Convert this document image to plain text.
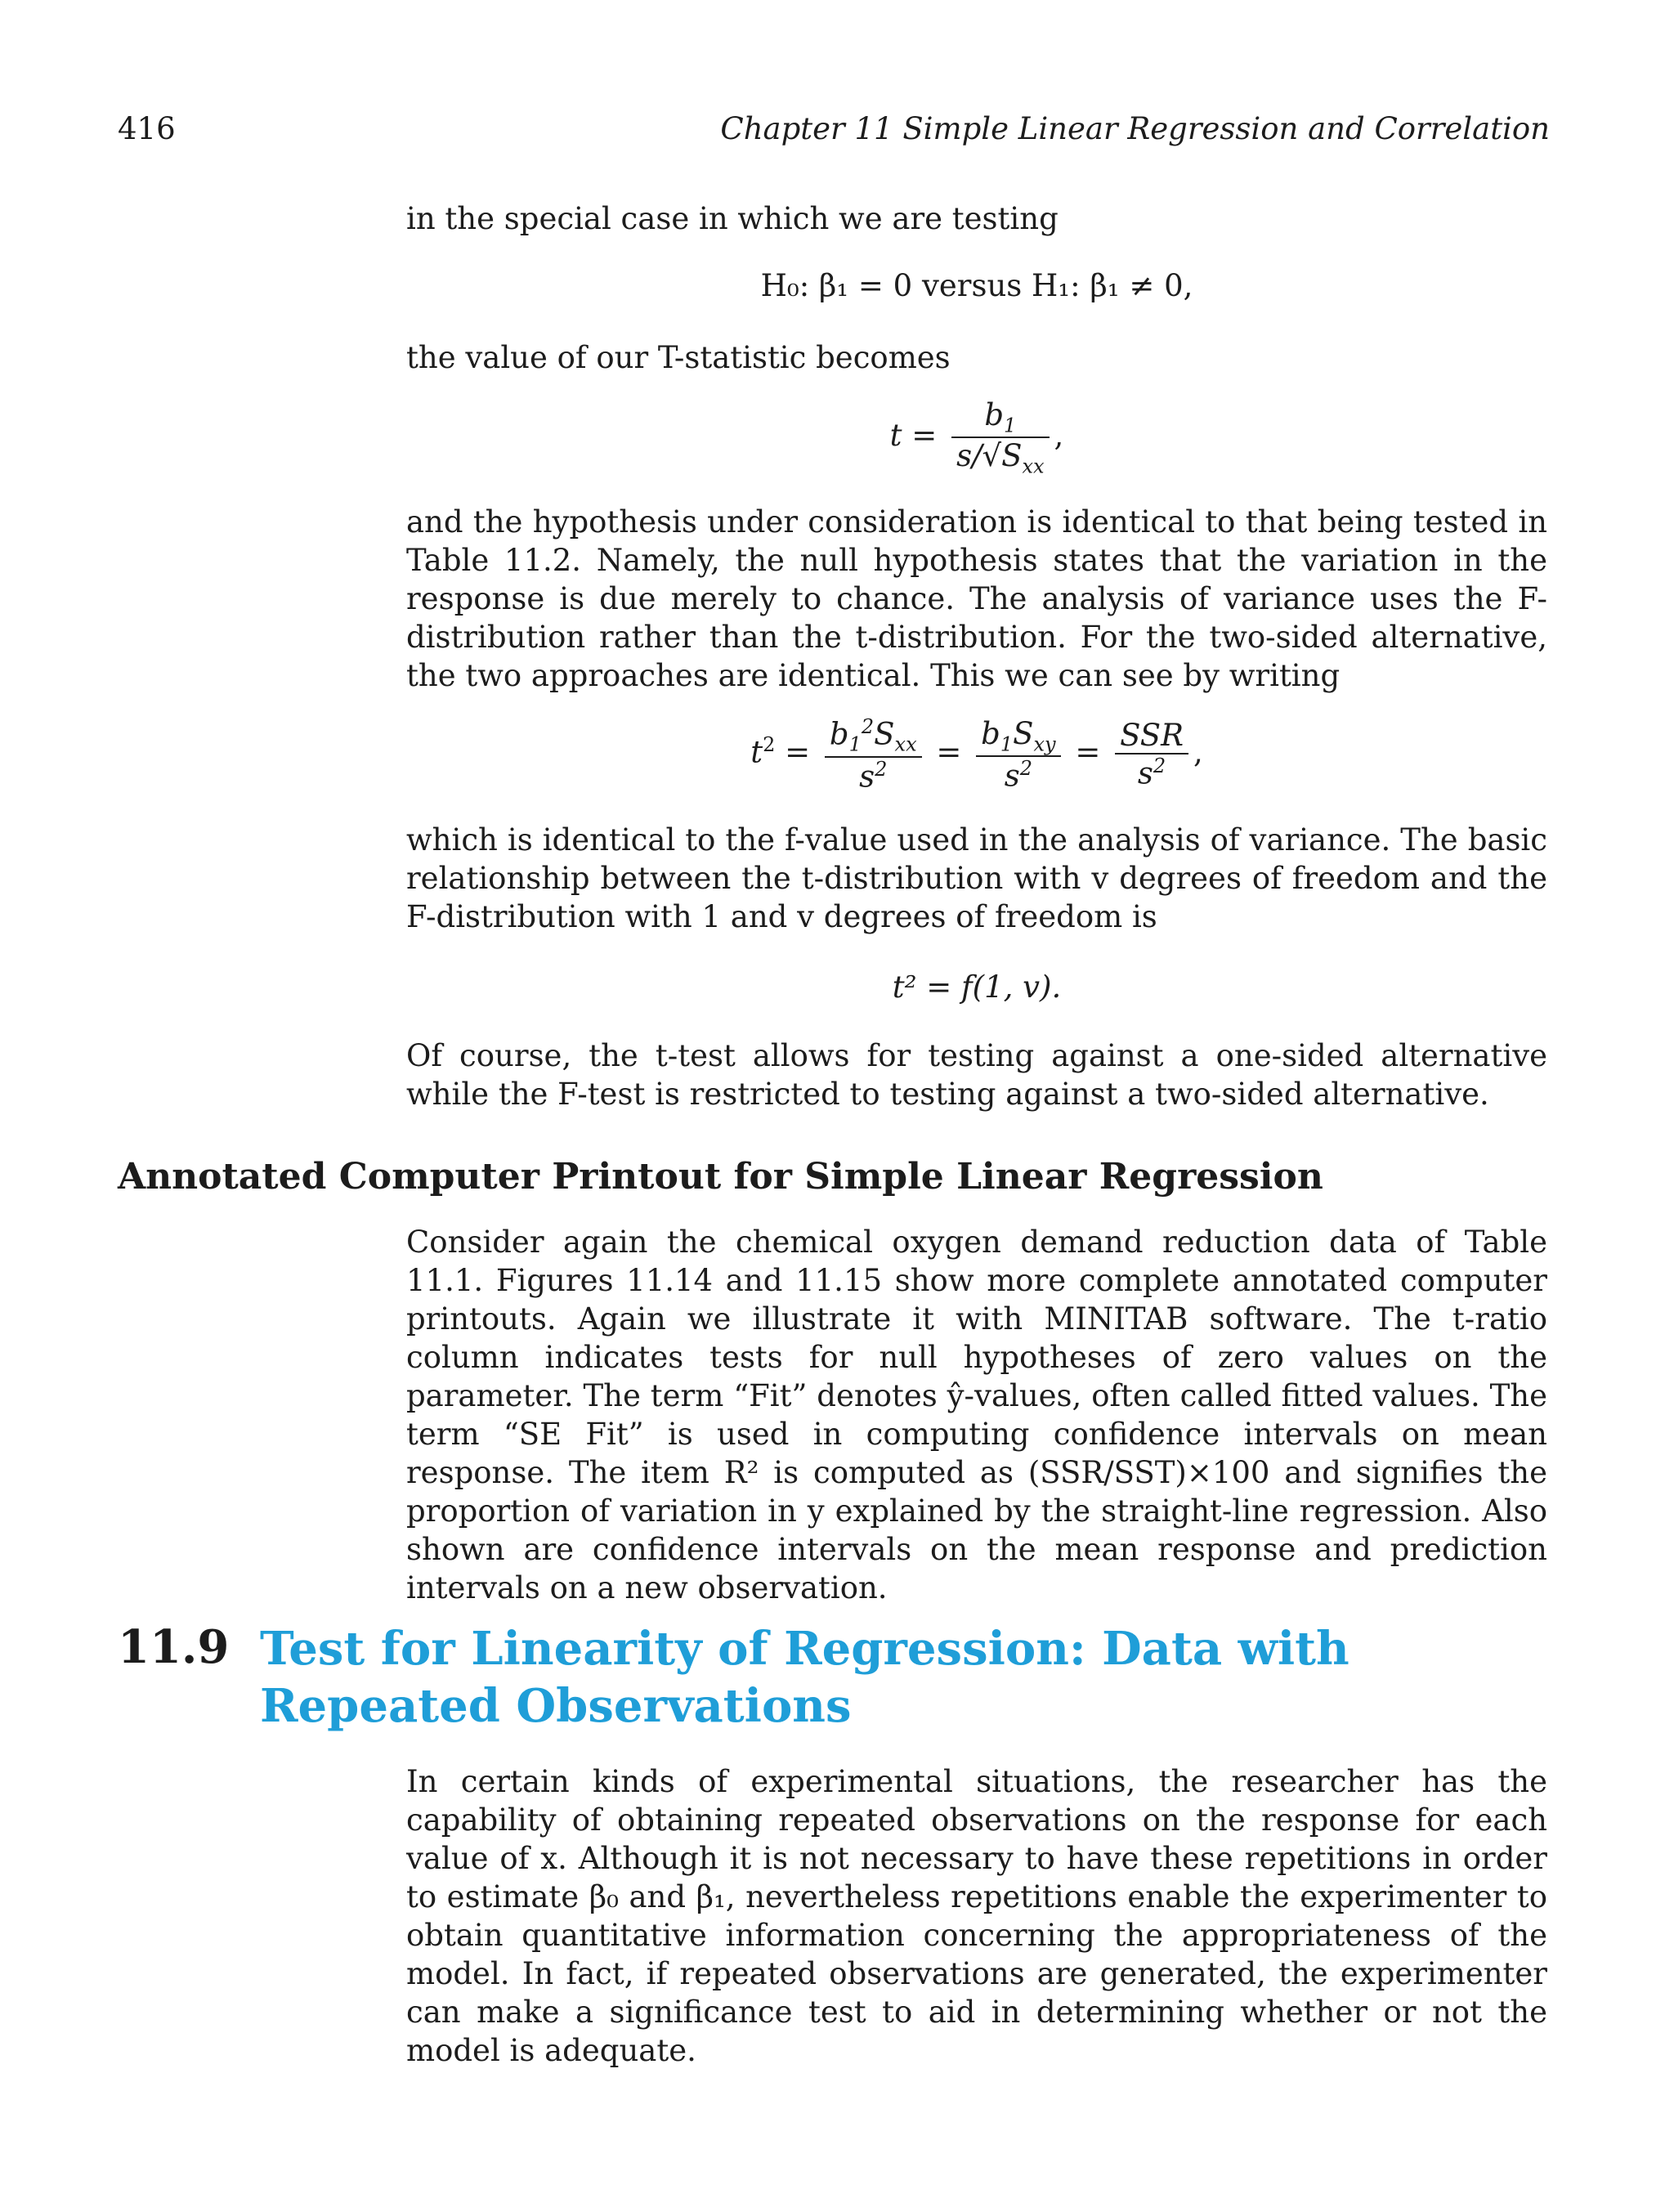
416	Chapter 11 Simple Linear Regression and Correlation

in the special case in which we are testing

H₀: β₁ = 0 versus H₁: β₁ ≠ 0,

the value of our T-statistic becomes

$t = \frac{b_1}{s/√S_{xx}}$ ,

and the hypothesis under consideration is identical to that being tested in Table 11.2. Namely, the null hypothesis states that the variation in the response is due merely to chance. The analysis of variance uses the F-distribution rather than the t-distribution. For the two-sided alternative, the two approaches are identical. This we can see by writing

$t^2 = \frac{b_1^2S_{xx}}{s^2} = \frac{b_1S_{xy}}{s^2} = \frac{\text{SSR}}{s^2}$ ,

which is identical to the f-value used in the analysis of variance. The basic relationship between the t-distribution with v degrees of freedom and the F-distribution with 1 and v degrees of freedom is

t² = f(1, v).

Of course, the t-test allows for testing against a one-sided alternative while the F-test is restricted to testing against a two-sided alternative.

Annotated Computer Printout for Simple Linear Regression

Consider again the chemical oxygen demand reduction data of Table 11.1. Figures 11.14 and 11.15 show more complete annotated computer printouts. Again we illustrate it with MINITAB software. The t-ratio column indicates tests for null hypotheses of zero values on the parameter. The term “Fit” denotes ŷ-values, often called fitted values. The term “SE Fit” is used in computing confidence intervals on mean response. The item R² is computed as (SSR/SST)×100 and signifies the proportion of variation in y explained by the straight-line regression. Also shown are confidence intervals on the mean response and prediction intervals on a new observation.

11.9 Test for Linearity of Regression: Data with Repeated Observations

In certain kinds of experimental situations, the researcher has the capability of obtaining repeated observations on the response for each value of x. Although it is not necessary to have these repetitions in order to estimate β₀ and β₁, nevertheless repetitions enable the experimenter to obtain quantitative information concerning the appropriateness of the model. In fact, if repeated observations are generated, the experimenter can make a significance test to aid in determining whether or not the model is adequate.
